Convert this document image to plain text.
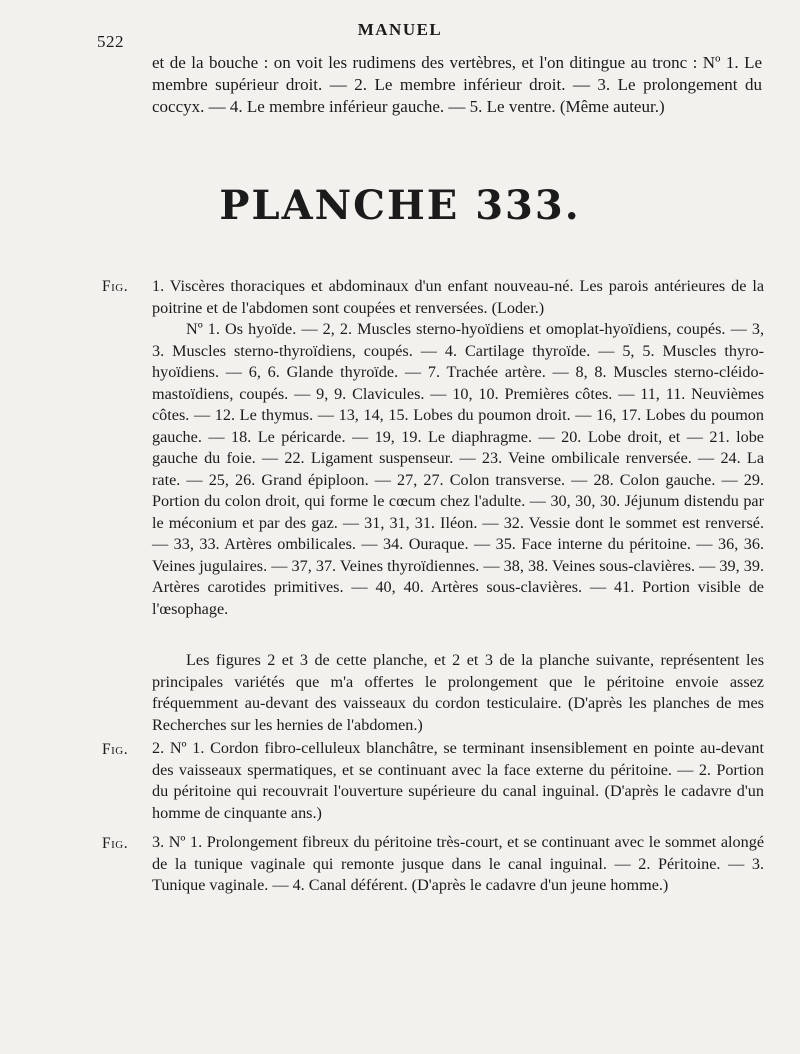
522
MANUEL

et de la bouche : on voit les rudimens des vertèbres, et l'on ditingue au tronc : Nº 1. Le membre supérieur droit. — 2. Le membre inférieur droit. — 3. Le prolongement du coccyx. — 4. Le membre inférieur gauche. — 5. Le ventre. (Même auteur.)

PLANCHE 333.
Fig. 1. Viscères thoraciques et abdominaux d'un enfant nouveau-né. Les parois antérieures de la poitrine et de l'abdomen sont coupées et renversées. (Loder.)

Nº 1. Os hyoïde. — 2, 2. Muscles sterno-hyoïdiens et omoplat-hyoïdiens, coupés. — 3, 3. Muscles sterno-thyroïdiens, coupés. — 4. Cartilage thyroïde. — 5, 5. Muscles thyro-hyoïdiens. — 6, 6. Glande thyroïde. — 7. Trachée artère. — 8, 8. Muscles sterno-cléido-mastoïdiens, coupés. — 9, 9. Clavicules. — 10, 10. Premières côtes. — 11, 11. Neuvièmes côtes. — 12. Le thymus. — 13, 14, 15. Lobes du poumon droit. — 16, 17. Lobes du poumon gauche. — 18. Le péricarde. — 19, 19. Le diaphragme. — 20. Lobe droit, et — 21. lobe gauche du foie. — 22. Ligament suspenseur. — 23. Veine ombilicale renversée. — 24. La rate. — 25, 26. Grand épiploon. — 27, 27. Colon transverse. — 28. Colon gauche. — 29. Portion du colon droit, qui forme le cœcum chez l'adulte. — 30, 30, 30. Jéjunum distendu par le méconium et par des gaz. — 31, 31, 31. Iléon. — 32. Vessie dont le sommet est renversé. — 33, 33. Artères ombilicales. — 34. Ouraque. — 35. Face interne du péritoine. — 36, 36. Veines jugulaires. — 37, 37. Veines thyroïdiennes. — 38, 38. Veines sous-clavières. — 39, 39. Artères carotides primitives. — 40, 40. Artères sous-clavières. — 41. Portion visible de l'œsophage.

Les figures 2 et 3 de cette planche, et 2 et 3 de la planche suivante, représentent les principales variétés que m'a offertes le prolongement que le péritoine envoie assez fréquemment au-devant des vaisseaux du cordon testiculaire. (D'après les planches de mes Recherches sur les hernies de l'abdomen.)

Fig. 2. Nº 1. Cordon fibro-celluleux blanchâtre, se terminant insensiblement en pointe au-devant des vaisseaux spermatiques, et se continuant avec la face externe du péritoine. — 2. Portion du péritoine qui recouvrait l'ouverture supérieure du canal inguinal. (D'après le cadavre d'un homme de cinquante ans.)

Fig. 3. Nº 1. Prolongement fibreux du péritoine très-court, et se continuant avec le sommet alongé de la tunique vaginale qui remonte jusque dans le canal inguinal. — 2. Péritoine. — 3. Tunique vaginale. — 4. Canal déférent. (D'après le cadavre d'un jeune homme.)
